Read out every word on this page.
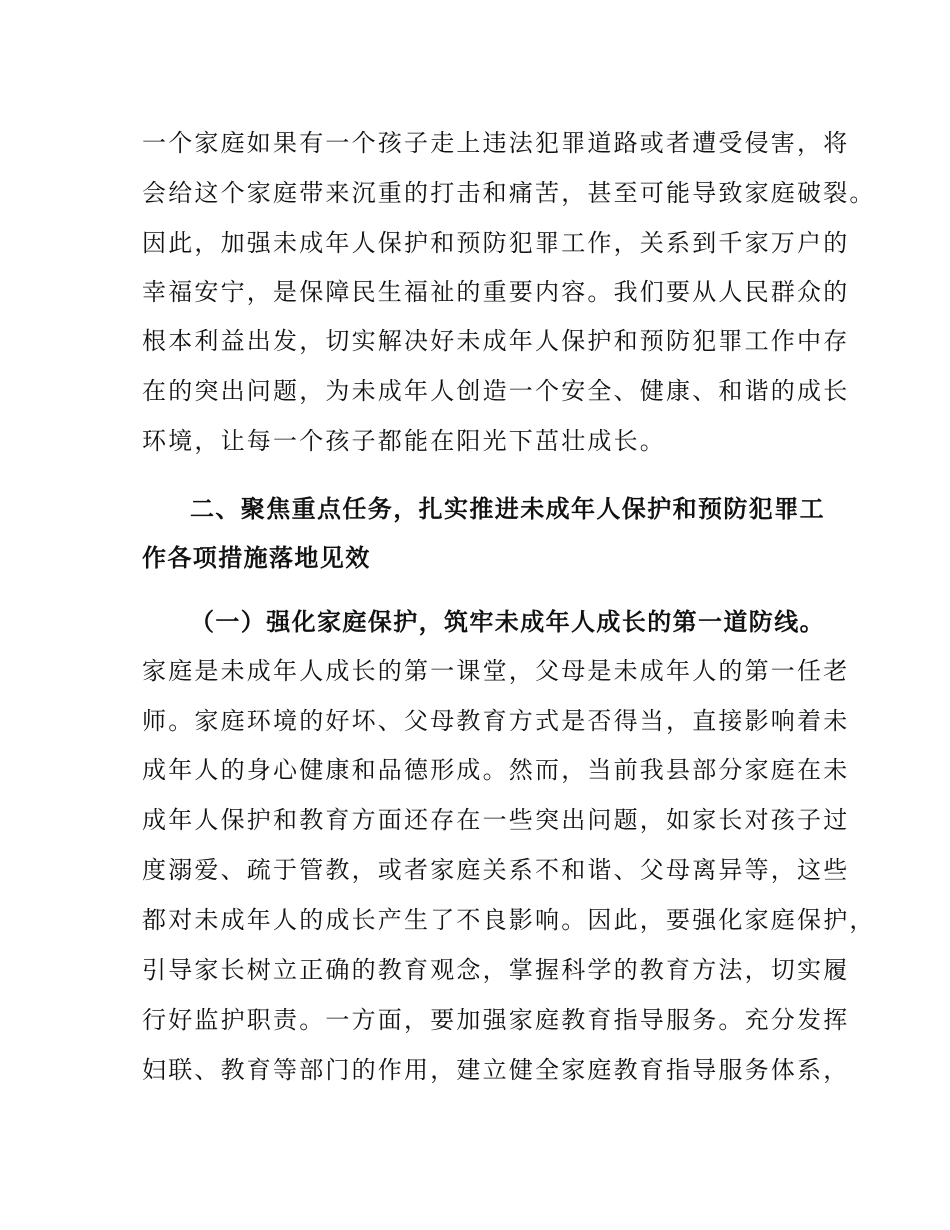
一个家庭如果有一个孩子走上违法犯罪道路或者遭受侵害，将
会给这个家庭带来沉重的打击和痛苦，甚至可能导致家庭破裂。
因此，加强未成年人保护和预防犯罪工作，关系到千家万户的
幸福安宁，是保障民生福祉的重要内容。我们要从人民群众的
根本利益出发，切实解决好未成年人保护和预防犯罪工作中存
在的突出问题，为未成年人创造一个安全、健康、和谐的成长
环境，让每一个孩子都能在阳光下茁壮成长。
二、聚焦重点任务，扎实推进未成年人保护和预防犯罪工
作各项措施落地见效
（一）强化家庭保护，筑牢未成年人成长的第一道防线。
家庭是未成年人成长的第一课堂，父母是未成年人的第一任老
师。家庭环境的好坏、父母教育方式是否得当，直接影响着未
成年人的身心健康和品德形成。然而，当前我县部分家庭在未
成年人保护和教育方面还存在一些突出问题，如家长对孩子过
度溺爱、疏于管教，或者家庭关系不和谐、父母离异等，这些
都对未成年人的成长产生了不良影响。因此，要强化家庭保护，
引导家长树立正确的教育观念，掌握科学的教育方法，切实履
行好监护职责。一方面，要加强家庭教育指导服务。充分发挥
妇联、教育等部门的作用，建立健全家庭教育指导服务体系，
